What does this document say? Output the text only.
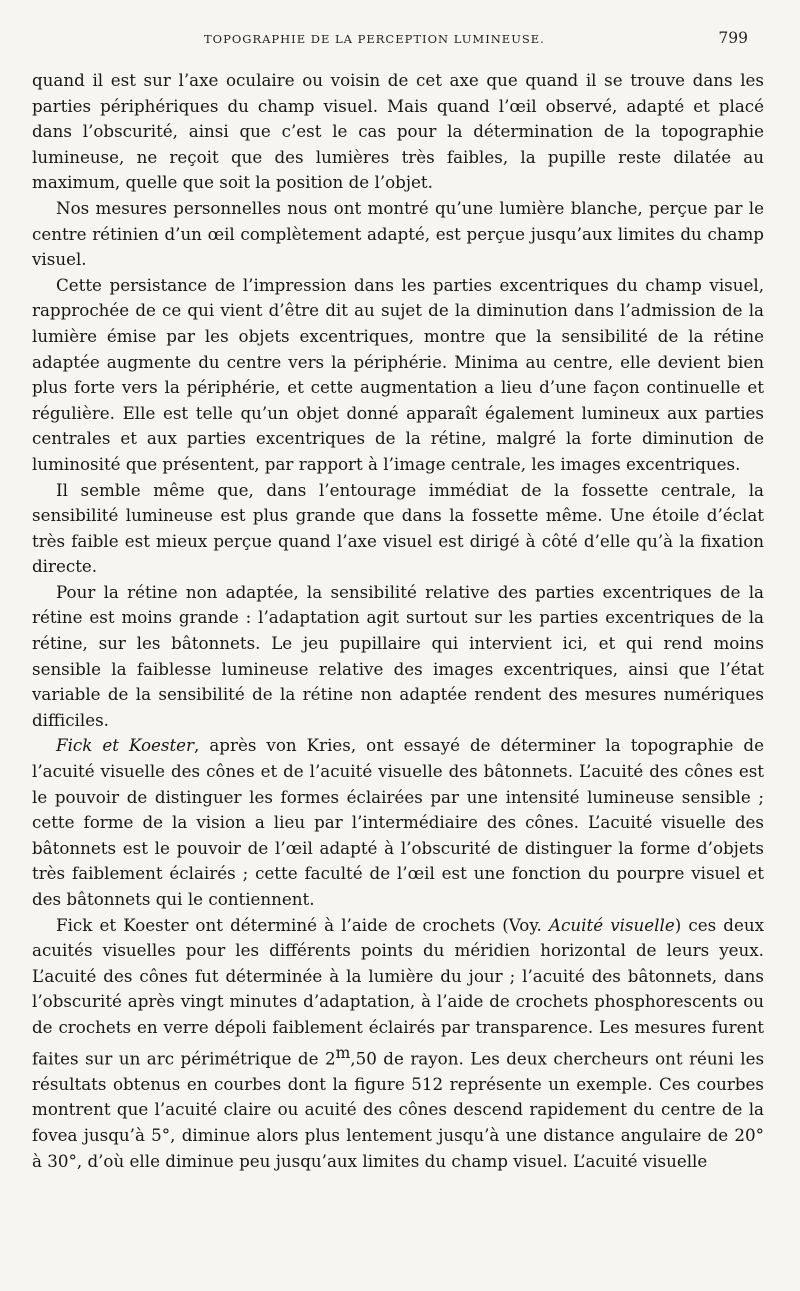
TOPOGRAPHIE DE LA PERCEPTION LUMINEUSE.	799

quand il est sur l’axe oculaire ou voisin de cet axe que quand il se trouve dans les parties périphériques du champ visuel. Mais quand l’œil observé, adapté et placé dans l’obscurité, ainsi que c’est le cas pour la détermination de la topographie lumineuse, ne reçoit que des lumières très faibles, la pupille reste dilatée au maximum, quelle que soit la position de l’objet.

Nos mesures personnelles nous ont montré qu’une lumière blanche, perçue par le centre rétinien d’un œil complètement adapté, est perçue jusqu’aux limites du champ visuel.

Cette persistance de l’impression dans les parties excentriques du champ visuel, rapprochée de ce qui vient d’être dit au sujet de la diminution dans l’admission de la lumière émise par les objets excentriques, montre que la sensibilité de la rétine adaptée augmente du centre vers la périphérie. Minima au centre, elle devient bien plus forte vers la périphérie, et cette augmentation a lieu d’une façon continuelle et régulière. Elle est telle qu’un objet donné apparaît également lumineux aux parties centrales et aux parties excentriques de la rétine, malgré la forte diminution de luminosité que présentent, par rapport à l’image centrale, les images excentriques.

Il semble même que, dans l’entourage immédiat de la fossette centrale, la sensibilité lumineuse est plus grande que dans la fossette même. Une étoile d’éclat très faible est mieux perçue quand l’axe visuel est dirigé à côté d’elle qu’à la fixation directe.

Pour la rétine non adaptée, la sensibilité relative des parties excentriques de la rétine est moins grande : l’adaptation agit surtout sur les parties excentriques de la rétine, sur les bâtonnets. Le jeu pupillaire qui intervient ici, et qui rend moins sensible la faiblesse lumineuse relative des images excentriques, ainsi que l’état variable de la sensibilité de la rétine non adaptée rendent des mesures numériques difficiles.

Fick et Koester, après von Kries, ont essayé de déterminer la topographie de l’acuité visuelle des cônes et de l’acuité visuelle des bâtonnets. L’acuité des cônes est le pouvoir de distinguer les formes éclairées par une intensité lumineuse sensible ; cette forme de la vision a lieu par l’intermédiaire des cônes. L’acuité visuelle des bâtonnets est le pouvoir de l’œil adapté à l’obscurité de distinguer la forme d’objets très faiblement éclairés ; cette faculté de l’œil est une fonction du pourpre visuel et des bâtonnets qui le contiennent.

Fick et Koester ont déterminé à l’aide de crochets (Voy. Acuité visuelle) ces deux acuités visuelles pour les différents points du méridien horizontal de leurs yeux. L’acuité des cônes fut déterminée à la lumière du jour ; l’acuité des bâtonnets, dans l’obscurité après vingt minutes d’adaptation, à l’aide de crochets phosphorescents ou de crochets en verre dépoli faiblement éclairés par transparence. Les mesures furent faites sur un arc périmétrique de 2$^m$,50 de rayon. Les deux chercheurs ont réuni les résultats obtenus en courbes dont la figure 512 représente un exemple. Ces courbes montrent que l’acuité claire ou acuité des cônes descend rapidement du centre de la fovea jusqu’à 5°, diminue alors plus lentement jusqu’à une distance angulaire de 20° à 30°, d’où elle diminue peu jusqu’aux limites du champ visuel. L’acuité visuelle
